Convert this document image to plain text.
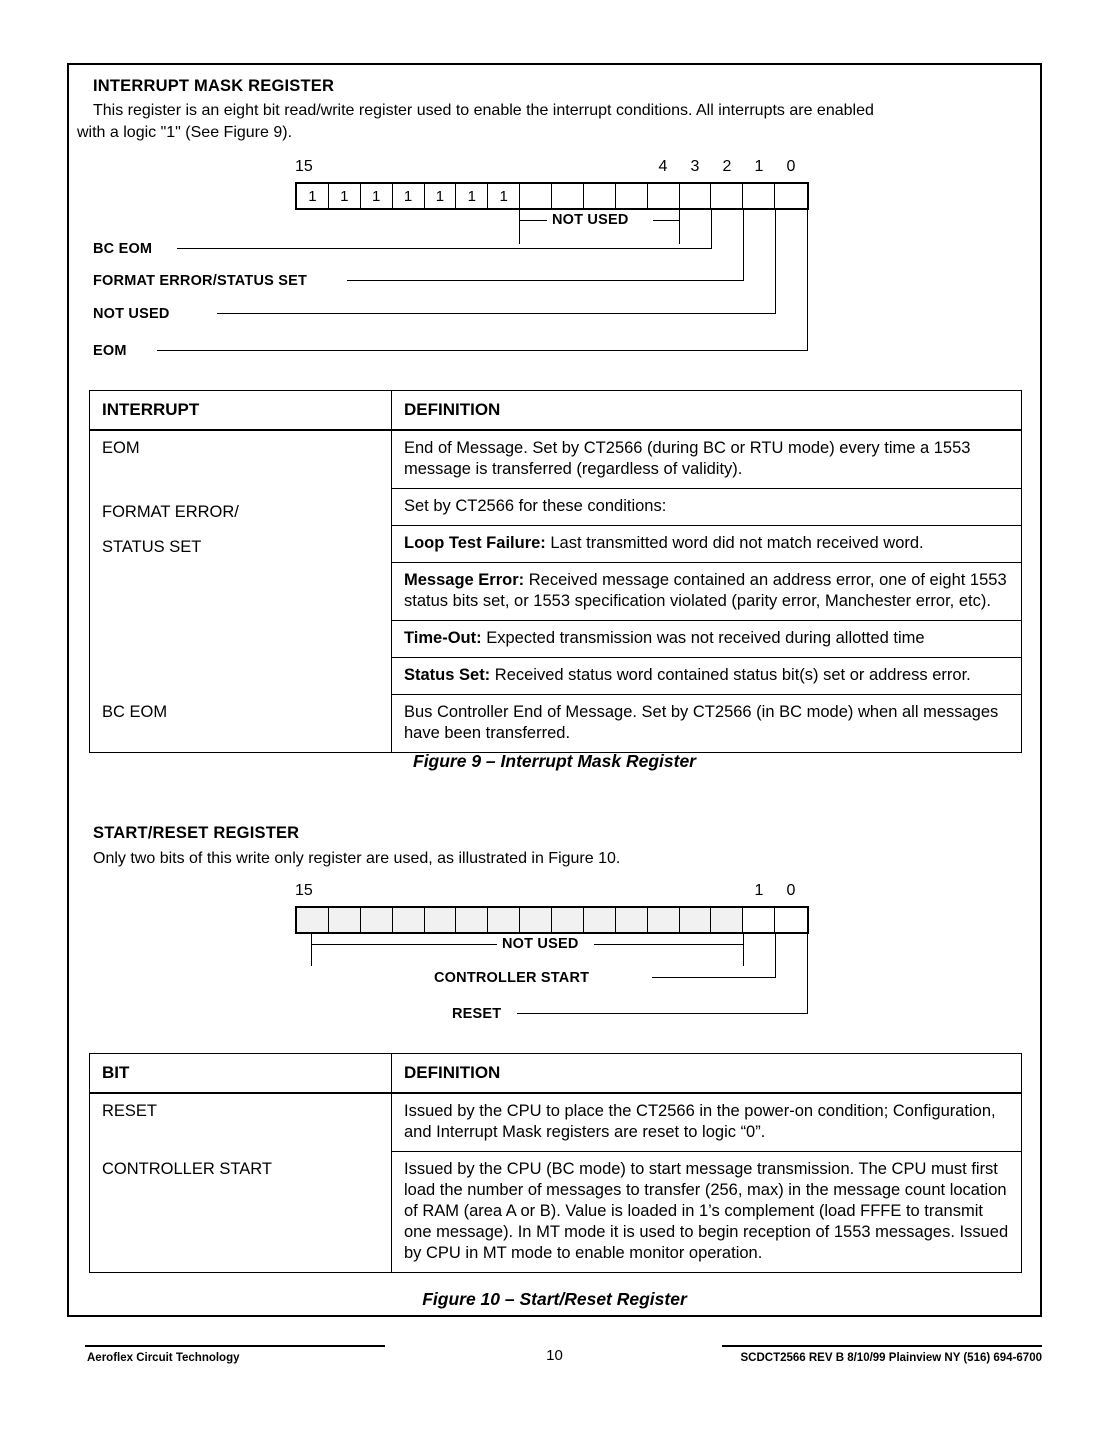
INTERRUPT MASK REGISTER
This register is an eight bit read/write register used to enable the interrupt conditions. All interrupts are enabled
with a logic "1" (See Figure 9).
15	4	3	2	1	0
1	1	1	1	1	1	1
NOT USED
BC EOM
FORMAT ERROR/STATUS SET
NOT USED
EOM
INTERRUPT	DEFINITION
EOM	End of Message. Set by CT2566 (during BC or RTU mode) every time a 1553 message is transferred (regardless of validity).

FORMAT ERROR/
STATUS SET	Set by CT2566 for these conditions:
	Loop Test Failure: Last transmitted word did not match received word.
	Message Error: Received message contained an address error, one of eight 1553 status bits set, or 1553 specification violated (parity error, Manchester error, etc).
	Time-Out: Expected transmission was not received during allotted time
	Status Set: Received status word contained status bit(s) set or address error.
BC EOM	Bus Controller End of Message. Set by CT2566 (in BC mode) when all messages have been transferred.
Figure 9 – Interrupt Mask Register
START/RESET REGISTER
Only two bits of this write only register are used, as illustrated in Figure 10.
15	1	0
NOT USED
CONTROLLER START
RESET
BIT	DEFINITION
RESET	Issued by the CPU to place the CT2566 in the power-on condition; Configuration, and Interrupt Mask registers are reset to logic “0”.
CONTROLLER START	Issued by the CPU (BC mode) to start message transmission. The CPU must first load the number of messages to transfer (256, max) in the message count location of RAM (area A or B). Value is loaded in 1’s complement (load FFFE to transmit one message). In MT mode it is used to begin reception of 1553 messages. Issued by CPU in MT mode to enable monitor operation.
Figure 10 – Start/Reset Register
Aeroflex Circuit Technology	10	SCDCT2566 REV B 8/10/99 Plainview NY (516) 694-6700
